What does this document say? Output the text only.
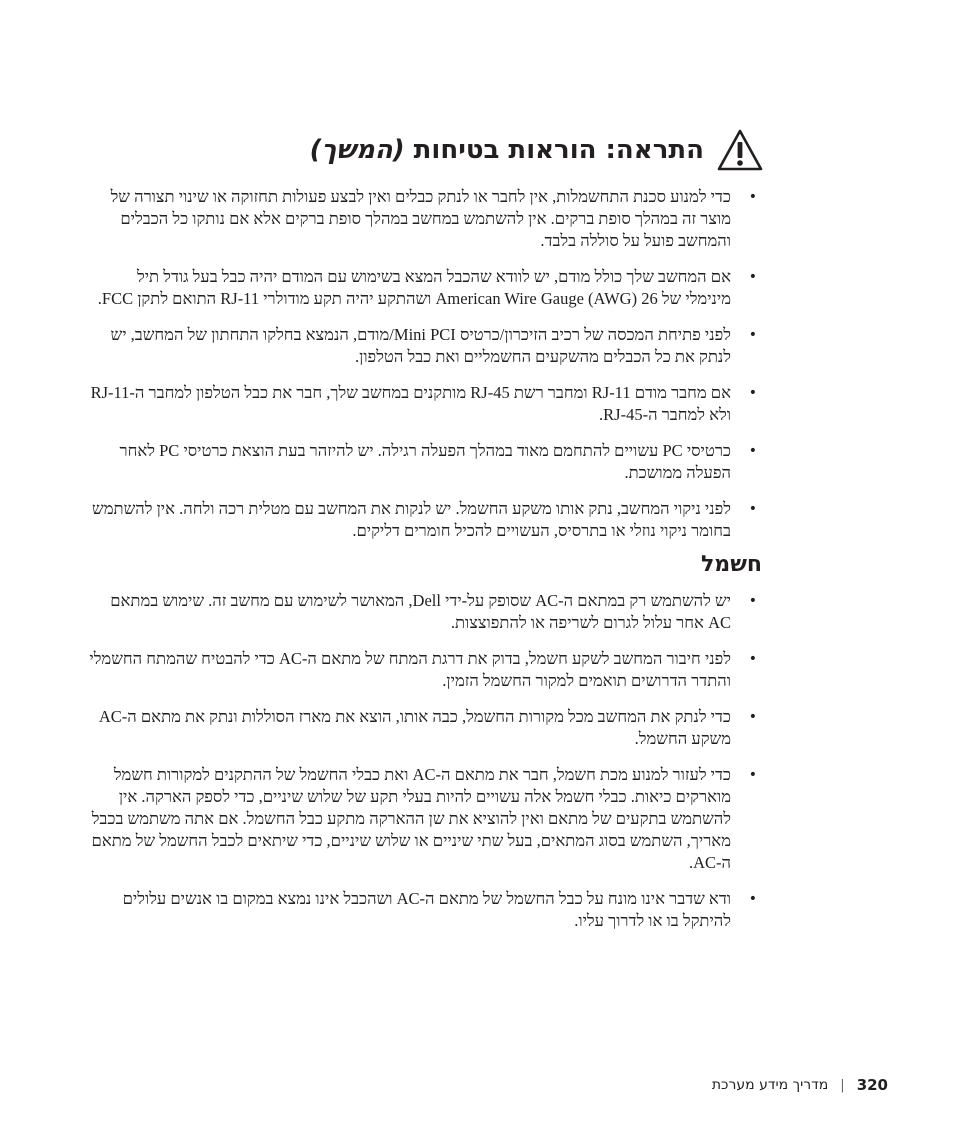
התראה: הוראות בטיחות (המשך)
• כדי למנוע סכנת התחשמלות, אין לחבר או לנתק כבלים ואין לבצע פעולות תחזוקה או שינוי תצורה של מוצר זה במהלך סופת ברקים. אין להשתמש במחשב במהלך סופת ברקים אלא אם נותקו כל הכבלים והמחשב פועל על סוללה בלבד.
• אם המחשב שלך כולל מודם, יש לוודא שהכבל המצא בשימוש עם המודם יהיה כבל בעל גודל תיל מינימלי של American Wire Gauge (AWG) 26 ושהתקע יהיה תקע מודולרי RJ-11 התואם לתקן FCC.
• לפני פתיחת המכסה של רכיב הזיכרון/כרטיס Mini PCI/מודם, הנמצא בחלקו התחתון של המחשב, יש לנתק את כל הכבלים מהשקעים החשמליים ואת כבל הטלפון.
• אם מחבר מודם RJ-11 ומחבר רשת RJ-45 מותקנים במחשב שלך, חבר את כבל הטלפון למחבר ה-RJ-11 ולא למחבר ה-RJ-45.
• כרטיסי PC עשויים להתחמם מאוד במהלך הפעלה רגילה. יש להיזהר בעת הוצאת כרטיסי PC לאחר הפעלה ממושכת.
• לפני ניקוי המחשב, נתק אותו משקע החשמל. יש לנקות את המחשב עם מטלית רכה ולחה. אין להשתמש בחומר ניקוי נוזלי או בתרסיס, העשויים להכיל חומרים דליקים.
חשמל
• יש להשתמש רק במתאם ה-AC שסופק על-ידי Dell, המאושר לשימוש עם מחשב זה. שימוש במתאם AC אחר עלול לגרום לשריפה או להתפוצצות.
• לפני חיבור המחשב לשקע חשמל, בדוק את דרגת המתח של מתאם ה-AC כדי להבטיח שהמתח החשמלי והתדר הדרושים תואמים למקור החשמל הזמין.
• כדי לנתק את המחשב מכל מקורות החשמל, כבה אותו, הוצא את מארז הסוללות ונתק את מתאם ה-AC משקע החשמל.
• כדי לעזור למנוע מכת חשמל, חבר את מתאם ה-AC ואת כבלי החשמל של ההתקנים למקורות חשמל מוארקים כיאות. כבלי חשמל אלה עשויים להיות בעלי תקע של שלוש שיניים, כדי לספק הארקה. אין להשתמש בתקעים של מתאם ואין להוציא את שן ההארקה מתקע כבל החשמל. אם אתה משתמש בכבל מאריך, השתמש בסוג המתאים, בעל שתי שיניים או שלוש שיניים, כדי שיתאים לכבל החשמל של מתאם ה-AC.
• ודא שדבר אינו מונח על כבל החשמל של מתאם ה-AC ושהכבל אינו נמצא במקום בו אנשים עלולים להיתקל בו או לדרוך עליו.
מדריך מידע מערכת | 320
